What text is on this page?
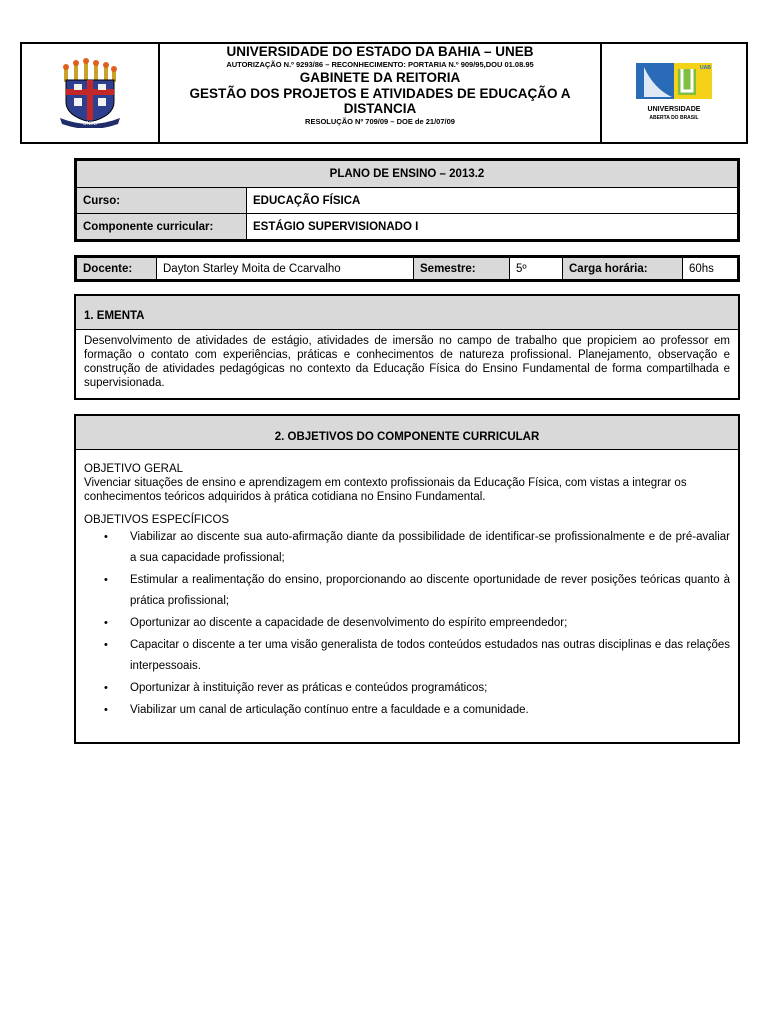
UNEB
UNIVERSIDADE DO ESTADO DA BAHIA – UNEB
AUTORIZAÇÃO N.º 9293/86 – RECONHECIMENTO: PORTARIA N.º 909/95,DOU 01.08.95
GABINETE DA REITORIA
GESTÃO DOS PROJETOS E ATIVIDADES DE EDUCAÇÃO A
DISTANCIA
RESOLUÇÃO Nº 709/09 – DOE de 21/07/09
UAB
UNIVERSIDADE
ABERTA DO BRASIL
PLANO DE ENSINO – 2013.2	
Curso:	EDUCAÇÃO FÍSICA
Componente curricular:	ESTÁGIO SUPERVISIONADO I
Docente:	Dayton Starley Moita de Ccarvalho	Semestre:	5º	Carga horária:	60hs
1. EMENTA
Desenvolvimento de atividades de estágio, atividades de imersão no campo de trabalho que propiciem ao professor em formação o contato com experiências, práticas e conhecimentos de natureza profissional. Planejamento, observação e construção de atividades pedagógicas no contexto da Educação Física do Ensino Fundamental de forma compartilhada e supervisionada.
2. OBJETIVOS DO COMPONENTE CURRICULAR

OBJETIVO GERAL

Vivenciar situações de ensino e aprendizagem em contexto profissionais da Educação Física, com vistas a integrar os conhecimentos teóricos adquiridos à prática cotidiana no Ensino Fundamental.

OBJETIVOS ESPECÍFICOS

• Viabilizar ao discente sua auto-afirmação diante da possibilidade de identificar-se profissionalmente e de pré-avaliar a sua capacidade profissional;
• Estimular a realimentação do ensino, proporcionando ao discente oportunidade de rever posições teóricas quanto à prática profissional;
• Oportunizar ao discente a capacidade de desenvolvimento do espírito empreendedor;
• Capacitar o discente a ter uma visão generalista de todos conteúdos estudados nas outras disciplinas e das relações interpessoais.
• Oportunizar à instituição rever as práticas e conteúdos programáticos;
• Viabilizar um canal de articulação contínuo entre a faculdade e a comunidade.
